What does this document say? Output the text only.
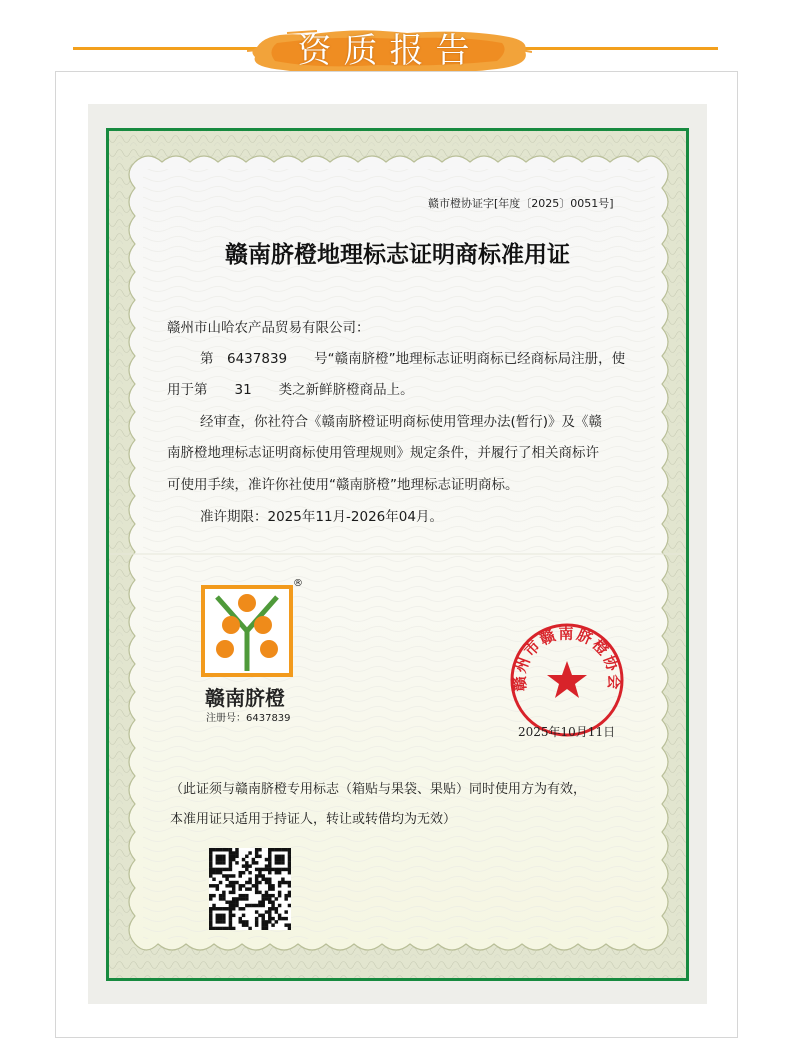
资质报告
赣市橙协证字[年度〔2025〕0051号]
赣南脐橙地理标志证明商标准用证
赣州市山哈农产品贸易有限公司：
第　6437839　　号“赣南脐橙”地理标志证明商标已经商标局注册，使
用于第　　31　　类之新鲜脐橙商品上。
经审查，你社符合《赣南脐橙证明商标使用管理办法(暂行)》及《赣
南脐橙地理标志证明商标使用管理规则》规定条件，并履行了相关商标许
可使用手续，准许你社使用“赣南脐橙”地理标志证明商标。
准许期限：2025年11月-2026年04月。
®
赣南脐橙
注册号：6437839
赣州市赣南脐橙协会
2025年10月11日
（此证须与赣南脐橙专用标志（箱贴与果袋、果贴）同时使用方为有效，
本准用证只适用于持证人，转让或转借均为无效）
